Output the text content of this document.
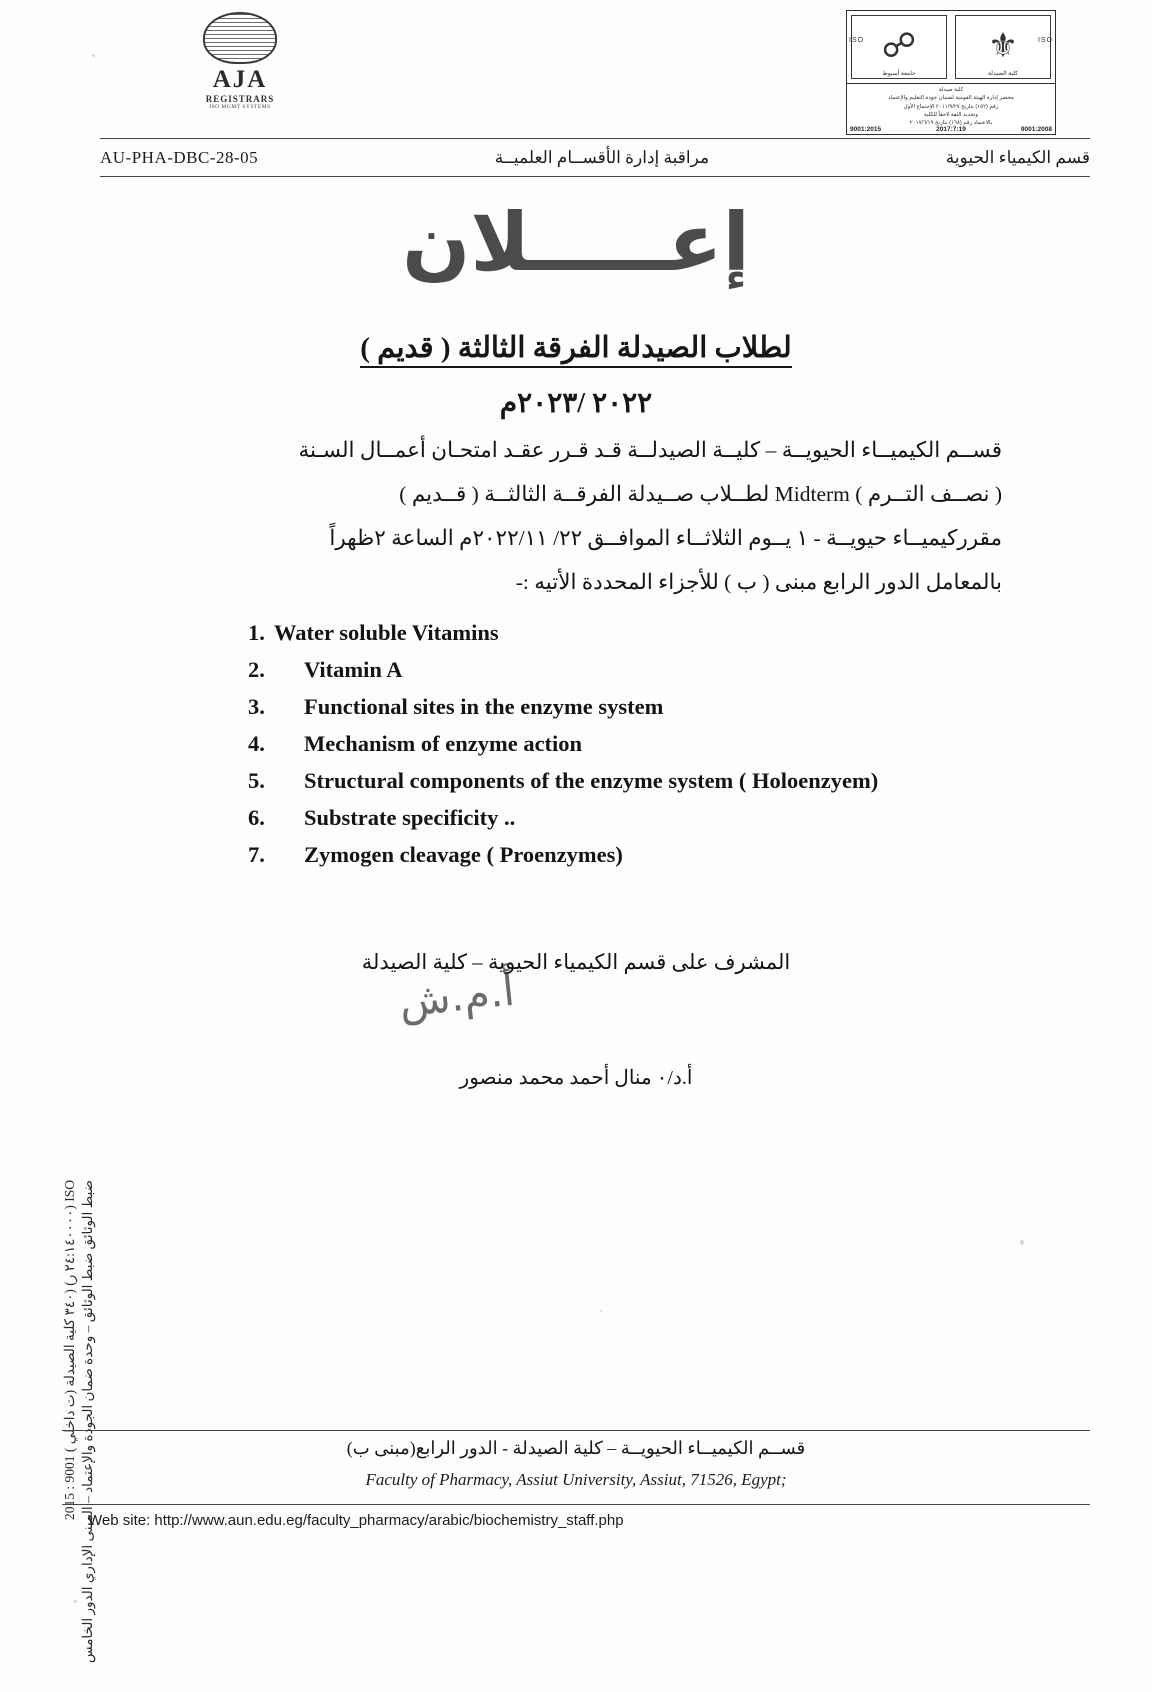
AJA
REGISTRARS
ISO MGMT SYSTEMS
☍
جامعة أسيوط
⚜
كلية الصيدلة
ISO	ISO
كلية صيدلة
محضر إدارة الهيئة القومية لضمان جودة التعليم والإعتماد
رقم (١٥٢) بتاريخ ٢٠١١/٩/٢٧ الإجتماع الأول
وتجديد الثقة لاحقاً للكلية
بالاعتماد رقم (١٦٨) بتاريخ ٢٠١٧/٦/١٩
9001:2015	2017:7:19	9001:2008
AU-PHA-DBC-28-05	مراقبة إدارة الأقســام العلميــة	قسم الكيمياء الحيوية
ضبط الوثائق ضبط الوثائق – وحدة ضمان الجودة والإعتماد – المبنى الإداري الدور الخامس
ISO (٢٤:١٤٠٠٠٠ ر) (٣٤٠ كلية الصيدلة (ت داخلي ) 9001 : 2015
إعـــــلان
لطلاب الصيدلة الفرقة الثالثة ( قديم )
٢٠٢٢ /٢٠٢٣م
قســم الكيميــاء الحيويــة – كليــة الصيدلــة قـد قـرر عقـد امتحـان أعمــال السـنة
( نصــف التــرم ) Midterm لطــلاب صــيدلة الفرقــة الثالثــة ( قــديم )
مقرركيميــاء حيويــة - ١ يــوم الثلاثــاء الموافــق ٢٢/ ٢٠٢٢/١١م الساعة ٢ظهراً
بالمعامل الدور الرابع مبنى ( ب ) للأجزاء المحددة الأتيه :-
1. Water soluble Vitamins
2.	Vitamin A
3.	Functional sites in the enzyme system
4.	Mechanism of enzyme action
5.	Structural components of the enzyme system ( Holoenzyem)
6.	Substrate specificity ..
7.	Zymogen cleavage ( Proenzymes)
المشرف على قسم الكيمياء الحيوية – كلية الصيدلة
أ.م.ش
أ.د/٠ منال أحمد محمد منصور
قســم الكيميــاء الحيويــة – كلية الصيدلة - الدور الرابع(مبنى ب)
Faculty of Pharmacy, Assiut University, Assiut, 71526, Egypt;
Web site: http://www.aun.edu.eg/faculty_pharmacy/arabic/biochemistry_staff.php
